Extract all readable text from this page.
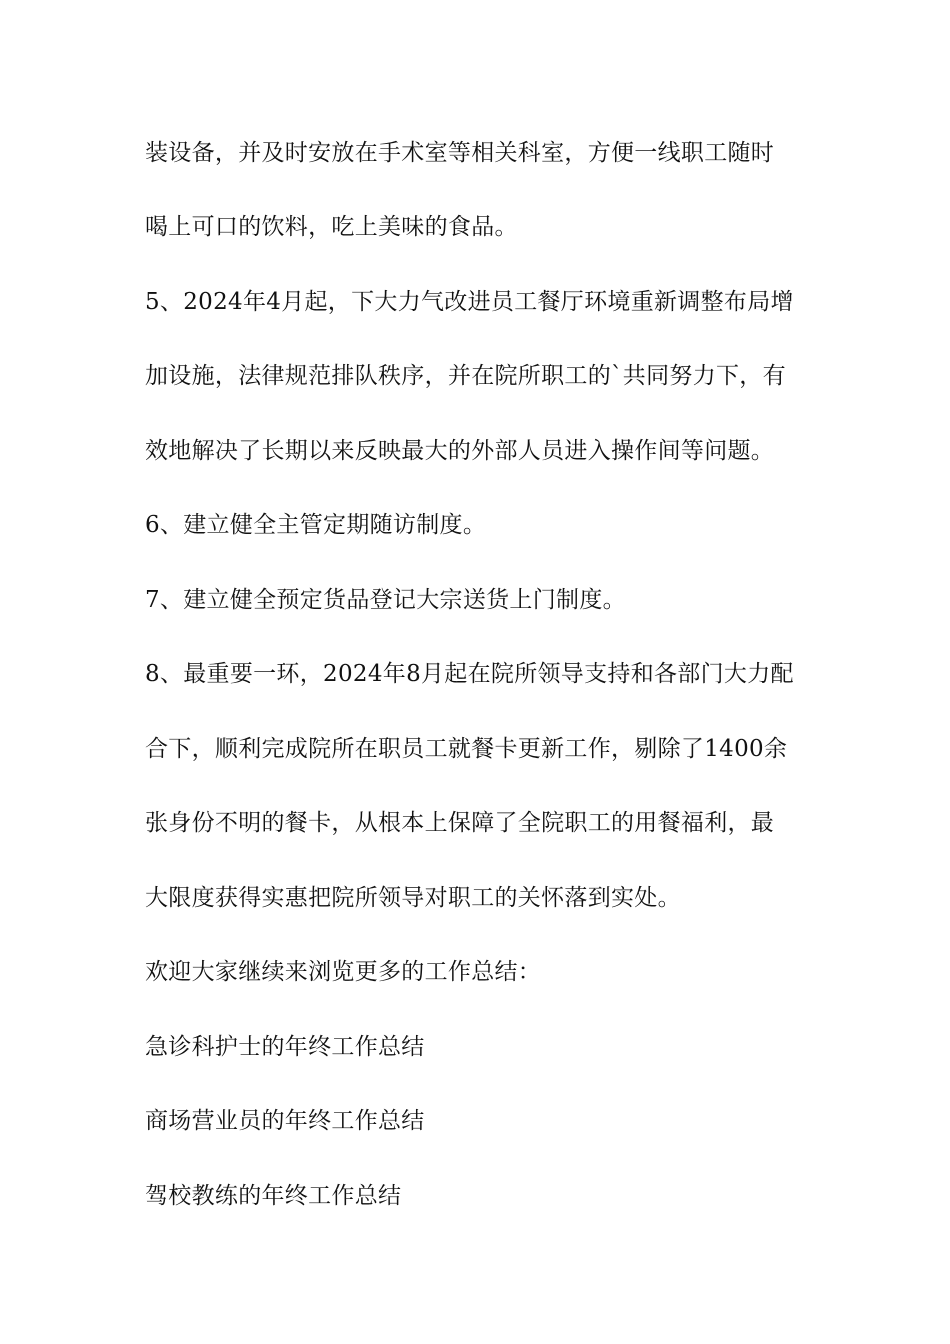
装设备，并及时安放在手术室等相关科室，方便一线职工随时
喝上可口的饮料，吃上美味的食品。
5、2024年4月起，下大力气改进员工餐厅环境重新调整布局增
加设施，法律规范排队秩序，并在院所职工的`共同努力下，有
效地解决了长期以来反映最大的外部人员进入操作间等问题。
6、建立健全主管定期随访制度。
7、建立健全预定货品登记大宗送货上门制度。
8、最重要一环，2024年8月起在院所领导支持和各部门大力配
合下，顺利完成院所在职员工就餐卡更新工作，剔除了1400余
张身份不明的餐卡，从根本上保障了全院职工的用餐福利，最
大限度获得实惠把院所领导对职工的关怀落到实处。
欢迎大家继续来浏览更多的工作总结：
急诊科护士的年终工作总结
商场营业员的年终工作总结
驾校教练的年终工作总结
